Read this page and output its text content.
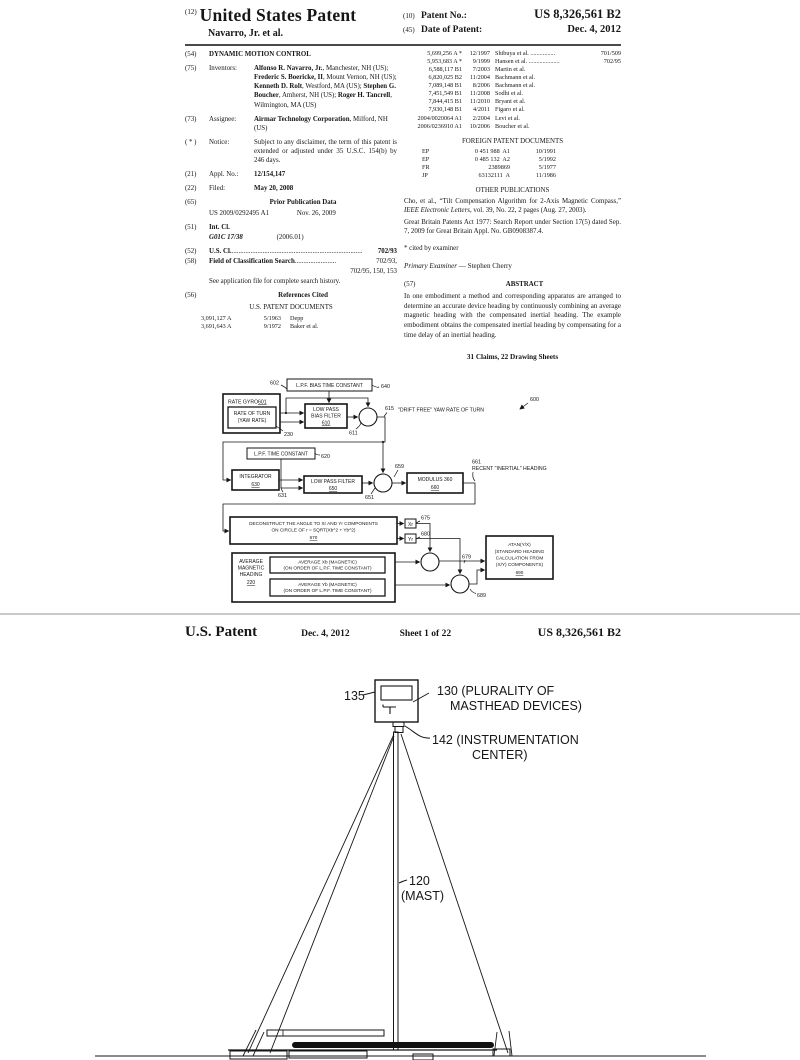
$^{(12)}$ United States Patent
Navarro, Jr. et al.
(10) Patent No.:	US 8,326,561 B2
(45) Date of Patent:	Dec. 4, 2012
(54)	DYNAMIC MOTION CONTROL
(75)	Inventors:	Alfonso R. Navarro, Jr., Manchester, NH (US); Frederic S. Boericke, II, Mount Vernon, NH (US); Kenneth D. Rolt, Westford, MA (US); Stephen G. Boucher, Amherst, NH (US); Roger H. Tancrell, Wilmington, MA (US)
(73)	Assignee:	Airmar Technology Corporation, Milford, NH (US)
( * )	Notice:	Subject to any disclaimer, the term of this patent is extended or adjusted under 35 U.S.C. 154(b) by 246 days.
(21)	Appl. No.:	12/154,147
(22)	Filed:	May 20, 2008
(65)	Prior Publication Data
US 2009/0292495 A1	Nov. 26, 2009
(51)	Int. Cl.
G01C 17/38	(2006.01)
(52)	U.S. Cl. ............................................................................	702/93
(58)	Field of Classification Search ........................	702/93,
702/95, 150, 153
See application file for complete search history.
(56)	References Cited
U.S. PATENT DOCUMENTS
3,091,127 A	5/1963	Depp
3,691,643 A	9/1972	Baker et al.
5,699,256 A *	12/1997 Shibuya et al. ................	701/509
5,953,683 A *	9/1999 Hansen et al. ....................	702/95
6,588,117 B1	7/2003 Martin et al.
6,820,025 B2	11/2004 Bachmann et al.
7,089,148 B1	8/2006 Bachmann et al.
7,451,549 B1	11/2008 Sodhi et al.
7,844,415 B1	11/2010 Bryant et al.
7,930,148 B1	4/2011 Figaro et al.
2004/0020064 A1	2/2004 Levi et al.
2006/0236910 A1	10/2006 Boucher et al.
FOREIGN PATENT DOCUMENTS
EP	0 451 988  A1	10/1991
EP	0 485 132  A2	5/1992
FR	2389869	5/1977
JP	63132111  A	11/1986
OTHER PUBLICATIONS
Cho, et al., “Tilt Compensation Algorithm for 2-Axis Magnetic Compass,” IEEE Electronic Letters, vol. 39, No. 22, 2 pages (Aug. 27, 2003).
Great Britain Patents Act 1977: Search Report under Section 17(5) dated Sep. 7, 2009 for Great Britain Appl. No. GB0908387.4.
* cited by examiner
Primary Examiner — Stephen Cherry
(57)	ABSTRACT
In one embodiment a method and corresponding apparatus are arranged to determine an accurate device heading by continuously combining an average magnetic heading with the compensated inertial heading. The example embodiment obtains the compensated inertial heading by compensating for a time delay of an inertial heading.
31 Claims, 22 Drawing Sheets
L.P.F. BIAS TIME CONSTANT
RATE GYRO 601
RATE OF TURN
(YAW RATE)
LOW PASS
BIAS FILTER
610
L.P.F. TIME CONSTANT
INTEGRATOR
630	LOW PASS FILTER
650
MODULUS 360
660
DECONSTRUCT THE ANGLE TO Xr AND Yr COMPONENTS
ON CIRCLE OF r = SQRT(Xb^2 + Yb^2)
670
Xr
Yr
AVERAGE
MAGNETIC
HEADING
220
AVERAGE Xb (MAGNETIC)
(ON ORDER OF L.P.F. TIME CONSTANT)
AVERAGE Yb (MAGNETIC)
(ON ORDER OF L.P.F. TIME CONSTANT)
ATAN(Y/X)
(STANDARD HEADING
CALCULATION FROM
(X/Y) COMPONENTS)
690
602
640
230	611
615 "DRIFT FREE" YAW RATE OF TURN
600
620
631	651
659
661
RECENT "INERTIAL" HEADING
675
680
679
689
U.S. Patent	Dec. 4, 2012	Sheet 1 of 22	US 8,326,561 B2
135	130 (PLURALITY OF
MASTHEAD DEVICES)
142 (INSTRUMENTATION
CENTER)
120
(MAST)
